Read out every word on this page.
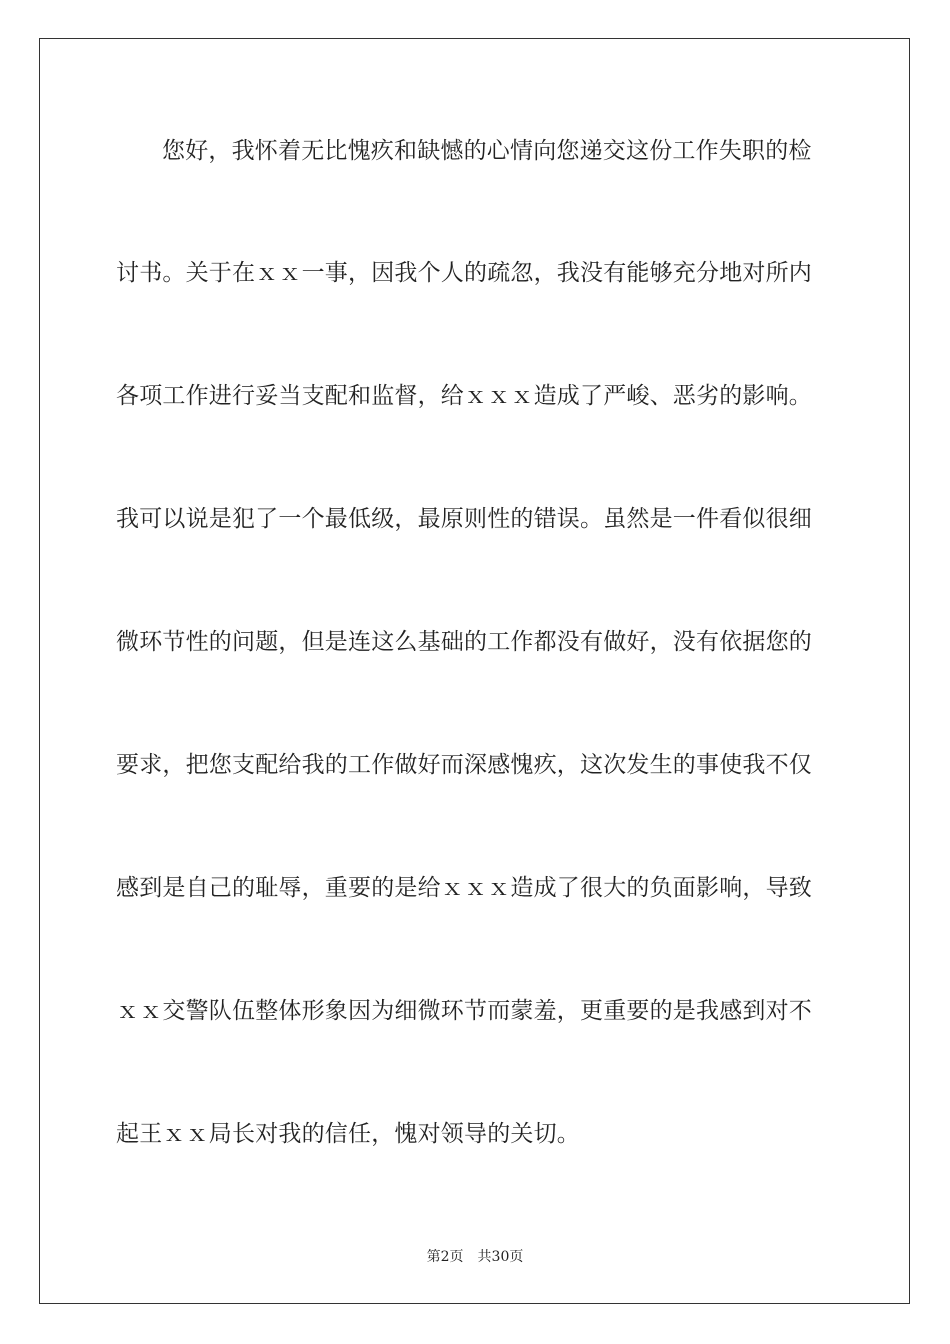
您好，我怀着无比愧疚和缺憾的心情向您递交这份工作失职的检
讨书。关于在ｘｘ一事，因我个人的疏忽，我没有能够充分地对所内
各项工作进行妥当支配和监督，给ｘｘｘ造成了严峻、恶劣的影响。
我可以说是犯了一个最低级，最原则性的错误。虽然是一件看似很细
微环节性的问题，但是连这么基础的工作都没有做好，没有依据您的
要求，把您支配给我的工作做好而深感愧疚，这次发生的事使我不仅
感到是自己的耻辱，重要的是给ｘｘｘ造成了很大的负面影响，导致
ｘｘ交警队伍整体形象因为细微环节而蒙羞，更重要的是我感到对不
起王ｘｘ局长对我的信任，愧对领导的关切。
第2页 共30页
